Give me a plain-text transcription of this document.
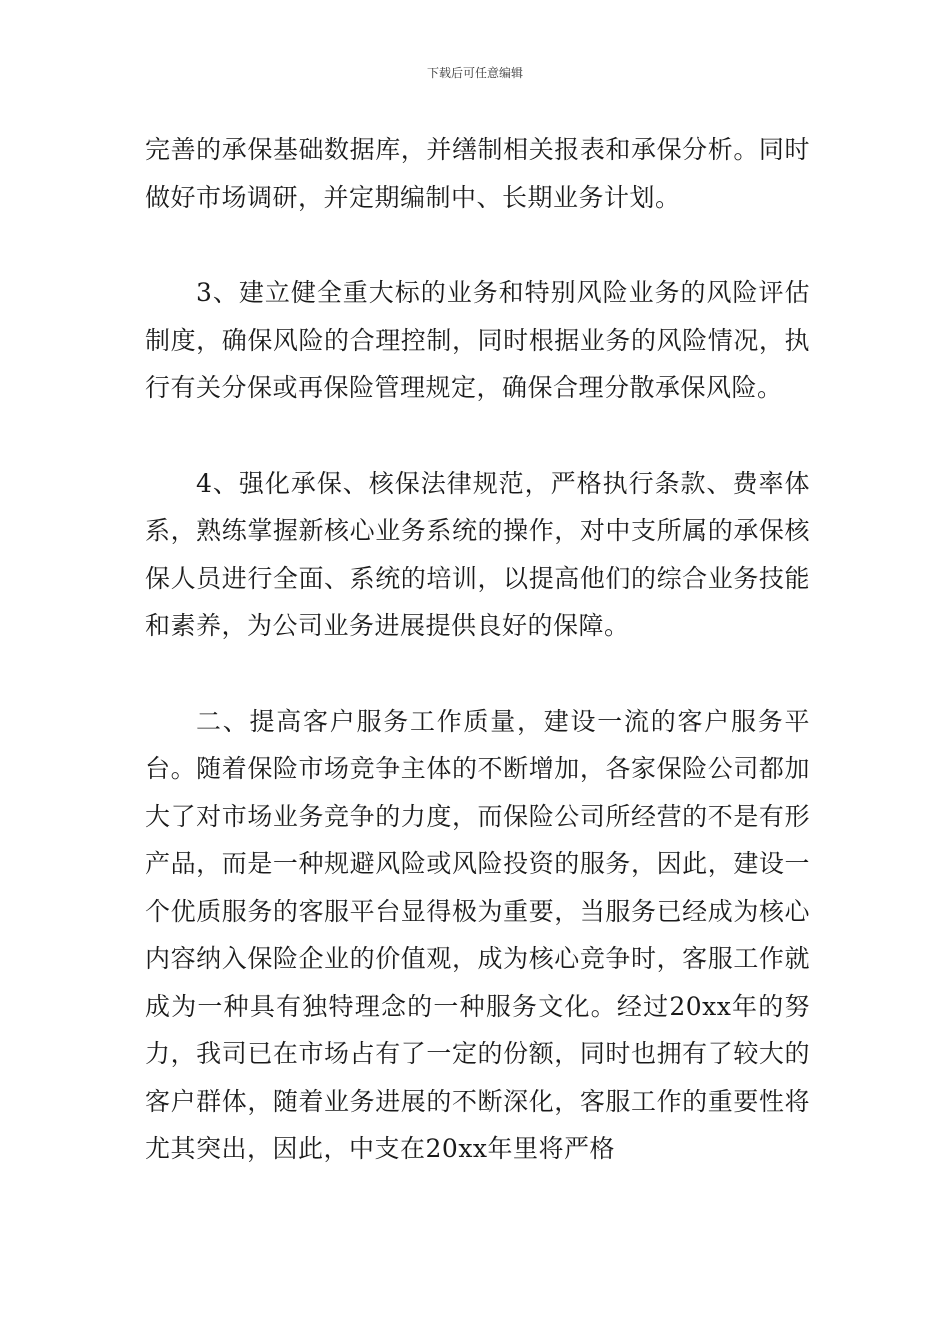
下载后可任意编辑

完善的承保基础数据库，并缮制相关报表和承保分析。同时做好市场调研，并定期编制中、长期业务计划。

3、建立健全重大标的业务和特别风险业务的风险评估制度，确保风险的合理控制，同时根据业务的风险情况，执行有关分保或再保险管理规定，确保合理分散承保风险。

4、强化承保、核保法律规范，严格执行条款、费率体系，熟练掌握新核心业务系统的操作，对中支所属的承保核保人员进行全面、系统的培训，以提高他们的综合业务技能和素养，为公司业务进展提供良好的保障。

二、提高客户服务工作质量，建设一流的客户服务平台。随着保险市场竞争主体的不断增加，各家保险公司都加大了对市场业务竞争的力度，而保险公司所经营的不是有形产品，而是一种规避风险或风险投资的服务，因此，建设一个优质服务的客服平台显得极为重要，当服务已经成为核心内容纳入保险企业的价值观，成为核心竞争时，客服工作就成为一种具有独特理念的一种服务文化。经过20xx年的努力，我司已在市场占有了一定的份额，同时也拥有了较大的客户群体，随着业务进展的不断深化，客服工作的重要性将尤其突出，因此，中支在20xx年里将严格
